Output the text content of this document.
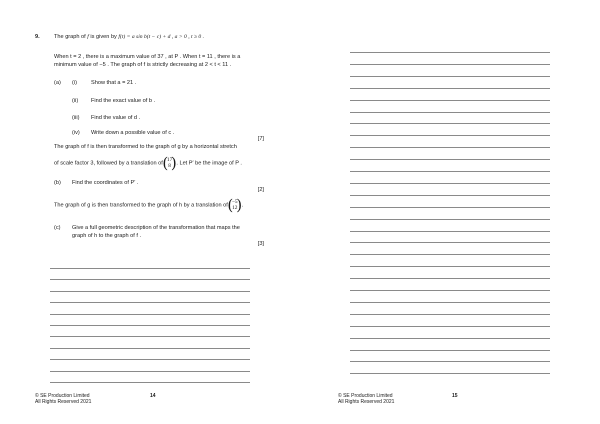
9.	The graph of f is given by f(t) = a sin b(t − c) + d , a > 0 , t ≥ 0 .
When t = 2 , there is a maximum value of 37 , at P . When t = 11 , there is a
minimum value of −5 . The graph of f is strictly decreasing at 2 < t < 11 .
(a) (i)	Show that a = 21 .
(ii) Find the exact value of b .
(iii) Find the value of d .
(iv) Write down a possible value of c .
[7]
The graph of f is then transformed to the graph of g by a horizontal stretch
of scale factor 3, followed by a translation of (
17
8 ) . Let P′ be the image of P .
(b) Find the coordinates of P′ .
[2]
The graph of g is then transformed to the graph of h by a translation of (
−5
12
) .
(c) Give a full geometric description of the transformation that maps the
graph of h to the graph of f .
[3]
© SE Production Limited
All Rights Reserved 2021
14	© SE Production Limited
All Rights Reserved 2021
15
